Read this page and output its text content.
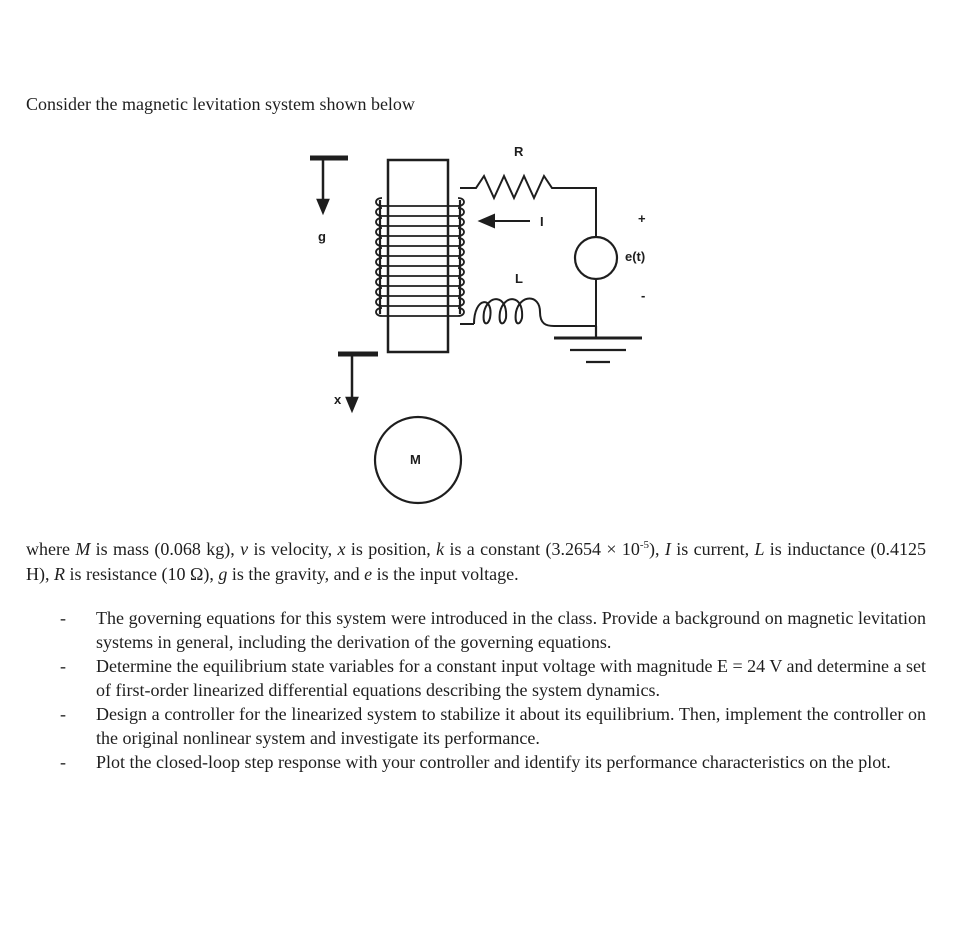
Consider the magnetic levitation system shown below
g
R
I
e(t)
+
-
L
x
M

where M is mass (0.068 kg), v is velocity, x is position, k is a constant $(3.2654 \times 10^{-5})$, I is current, L is inductance (0.4125 H), R is resistance (10 Ω), g is the gravity, and e is the input voltage.

- The governing equations for this system were introduced in the class. Provide a background on magnetic levitation systems in general, including the derivation of the governing equations.
- Determine the equilibrium state variables for a constant input voltage with magnitude E = 24 V and determine a set of first-order linearized differential equations describing the system dynamics.
- Design a controller for the linearized system to stabilize it about its equilibrium. Then, implement the controller on the original nonlinear system and investigate its performance.
- Plot the closed-loop step response with your controller and identify its performance characteristics on the plot.
